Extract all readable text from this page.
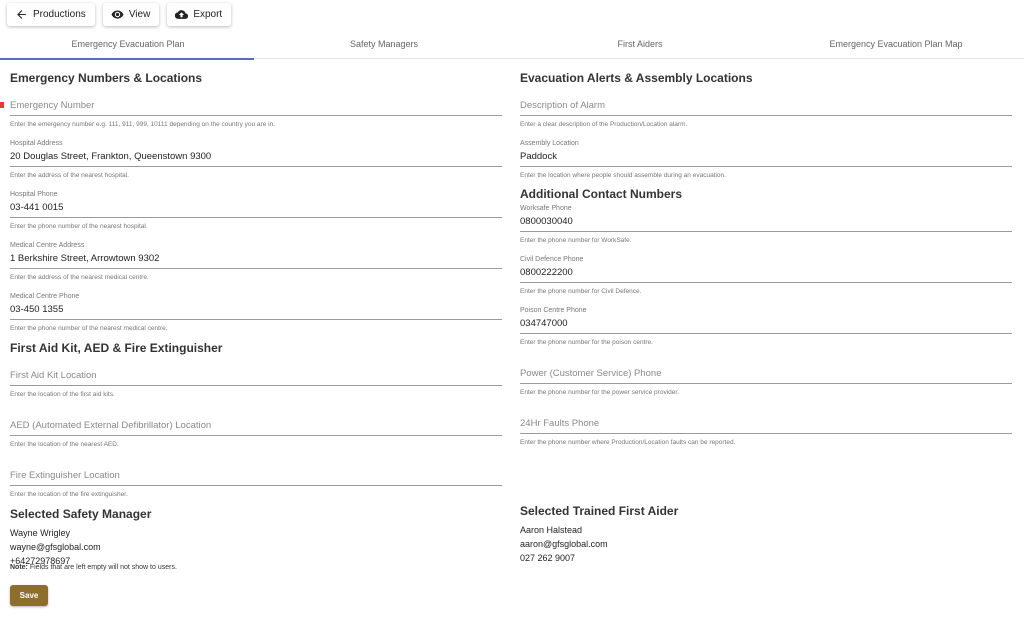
Productions	View	Export
Emergency Evacuation Plan	Safety Managers	First Aiders	Emergency Evacuation Plan Map
Emergency Numbers & Locations
Emergency Number
Enter the emergency number e.g. 111, 911, 999, 10111 depending on the country you are in.
Hospital Address
20 Douglas Street, Frankton, Queenstown 9300
Enter the address of the nearest hospital.
Hospital Phone
03-441 0015
Enter the phone number of the nearest hospital.
Medical Centre Address
1 Berkshire Street, Arrowtown 9302
Enter the address of the nearest medical centre.
Medical Centre Phone
03-450 1355
Enter the phone number of the nearest medical centre.
First Aid Kit, AED & Fire Extinguisher
First Aid Kit Location
Enter the location of the first aid kits.
AED (Automated External Defibrillator) Location
Enter the location of the nearest AED.
Fire Extinguisher Location
Enter the location of the fire extinguisher.
Selected Safety Manager
Wayne Wrigley
wayne@gfsglobal.com
+64272978697
Evacuation Alerts & Assembly Locations
Description of Alarm
Enter a clear description of the Production/Location alarm.
Assembly Location
Paddock
Enter the location where people should assemble during an evacuation.
Additional Contact Numbers
Worksafe Phone
0800030040
Enter the phone number for WorkSafe.
Civil Defence Phone
0800222200
Enter the phone number for Civil Defence.
Poison Centre Phone
034747000
Enter the phone number for the poison centre.
Power (Customer Service) Phone
Enter the phone number for the power service provider.
24Hr Faults Phone
Enter the phone number where Production/Location faults can be reported.
Selected Trained First Aider
Aaron Halstead
aaron@gfsglobal.com
027 262 9007
Note: Fields that are left empty will not show to users.
Save
